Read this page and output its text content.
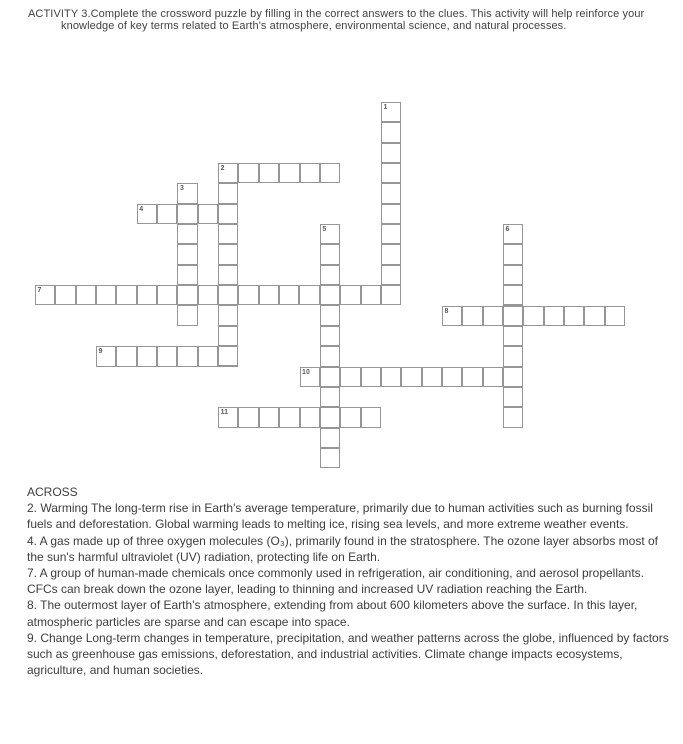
ACTIVITY 3.Complete the crossword puzzle by filling in the correct answers to the clues. This activity will help reinforce your knowledge of key terms related to Earth's atmosphere, environmental science, and natural processes.
1
2
3
4
5	6
7
8
9
10
11
ACROSS

2. Warming The long-term rise in Earth's average temperature, primarily due to human activities such as burning fossil fuels and deforestation. Global warming leads to melting ice, rising sea levels, and more extreme weather events.

4. A gas made up of three oxygen molecules (O₃), primarily found in the stratosphere. The ozone layer absorbs most of the sun's harmful ultraviolet (UV) radiation, protecting life on Earth.

7. A group of human-made chemicals once commonly used in refrigeration, air conditioning, and aerosol propellants. CFCs can break down the ozone layer, leading to thinning and increased UV radiation reaching the Earth.

8. The outermost layer of Earth's atmosphere, extending from about 600 kilometers above the surface. In this layer, atmospheric particles are sparse and can escape into space.

9. Change Long-term changes in temperature, precipitation, and weather patterns across the globe, influenced by factors such as greenhouse gas emissions, deforestation, and industrial activities. Climate change impacts ecosystems, agriculture, and human societies.
